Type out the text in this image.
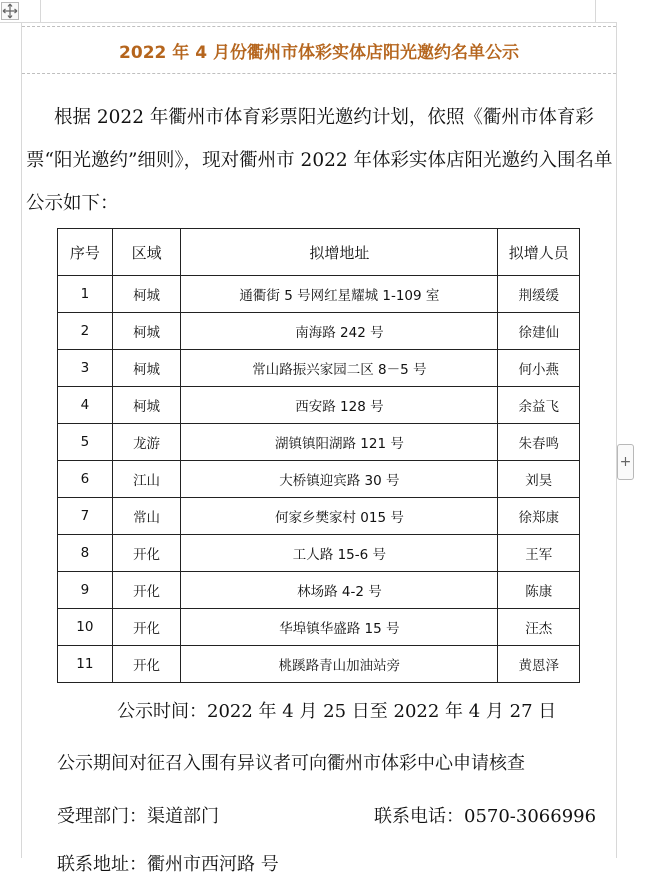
2022 年 4 月份衢州市体彩实体店阳光邀约名单公示
根据 2022 年衢州市体育彩票阳光邀约计划，依照《衢州市体育彩票“阳光邀约”细则》，现对衢州市 2022 年体彩实体店阳光邀约入围名单公示如下：
序号	区域	拟增地址	拟增人员
1	柯城	通衢街 5 号网红星耀城 1-109 室	荆缓缓
2	柯城	南海路 242 号	徐建仙
3	柯城	常山路振兴家园二区 8－5 号	何小燕
4	柯城	西安路 128 号	余益飞
5	龙游	湖镇镇阳湖路 121 号	朱春鸣
6	江山	大桥镇迎宾路 30 号	刘昊
7	常山	何家乡樊家村 015 号	徐郑康
8	开化	工人路 15-6 号	王军
9	开化	林场路 4-2 号	陈康
10	开化	华埠镇华盛路 15 号	汪杰
11	开化	桃蹊路青山加油站旁	黄恩泽
公示时间：2022 年 4 月 25 日至 2022 年 4 月 27 日
公示期间对征召入围有异议者可向衢州市体彩中心申请核查
受理部门：渠道部门	联系电话：0570-3066996
联系地址：衢州市西河路 号
+
